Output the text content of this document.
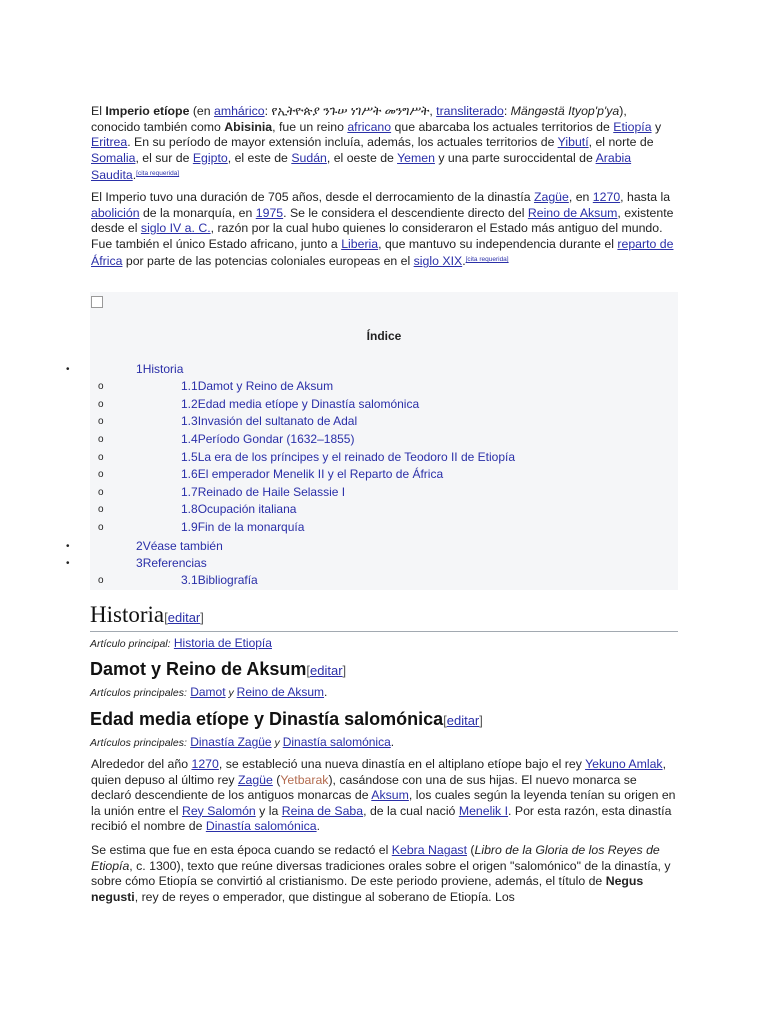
El Imperio etíope (en amhárico: የኢትዮጵያ ንጉሠ ነገሥት መንግሥት, transliterado: Mängəstä Ityop'p'ya), conocido también como Abisinia, fue un reino africano que abarcaba los actuales territorios de Etiopía y Eritrea. En su período de mayor extensión incluía, además, los actuales territorios de Yibutí, el norte de Somalia, el sur de Egipto, el este de Sudán, el oeste de Yemen y una parte suroccidental de Arabia Saudita.[cita requerida]
El Imperio tuvo una duración de 705 años, desde el derrocamiento de la dinastía Zagüe, en 1270, hasta la abolición de la monarquía, en 1975. Se le considera el descendiente directo del Reino de Aksum, existente desde el siglo IV a. C., razón por la cual hubo quienes lo consideraron el Estado más antiguo del mundo. Fue también el único Estado africano, junto a Liberia, que mantuvo su independencia durante el reparto de África por parte de las potencias coloniales europeas en el siglo XIX.[cita requerida]
Índice
•	1Historia
o	1.1Damot y Reino de Aksum
o	1.2Edad media etíope y Dinastía salomónica
o	1.3Invasión del sultanato de Adal
o	1.4Período Gondar (1632–1855)
o	1.5La era de los príncipes y el reinado de Teodoro II de Etiopía
o	1.6El emperador Menelik II y el Reparto de África
o	1.7Reinado de Haile Selassie I
o	1.8Ocupación italiana
o	1.9Fin de la monarquía
•	2Véase también
•	3Referencias
o	3.1Bibliografía
Historia[editar]
Artículo principal: Historia de Etiopía
Damot y Reino de Aksum[editar]
Artículos principales: Damot y Reino de Aksum.
Edad media etíope y Dinastía salomónica[editar]
Artículos principales: Dinastía Zagüe y Dinastía salomónica.
Alrededor del año 1270, se estableció una nueva dinastía en el altiplano etíope bajo el rey Yekuno Amlak, quien depuso al último rey Zagüe (Yetbarak), casándose con una de sus hijas. El nuevo monarca se declaró descendiente de los antiguos monarcas de Aksum, los cuales según la leyenda tenían su origen en la unión entre el Rey Salomón y la Reina de Saba, de la cual nació Menelik I. Por esta razón, esta dinastía recibió el nombre de Dinastía salomónica.
Se estima que fue en esta época cuando se redactó el Kebra Nagast (Libro de la Gloria de los Reyes de Etiopía, c. 1300), texto que reúne diversas tradiciones orales sobre el origen "salomónico" de la dinastía, y sobre cómo Etiopía se convirtió al cristianismo. De este periodo proviene, además, el título de Negus negusti, rey de reyes o emperador, que distingue al soberano de Etiopía. Los
